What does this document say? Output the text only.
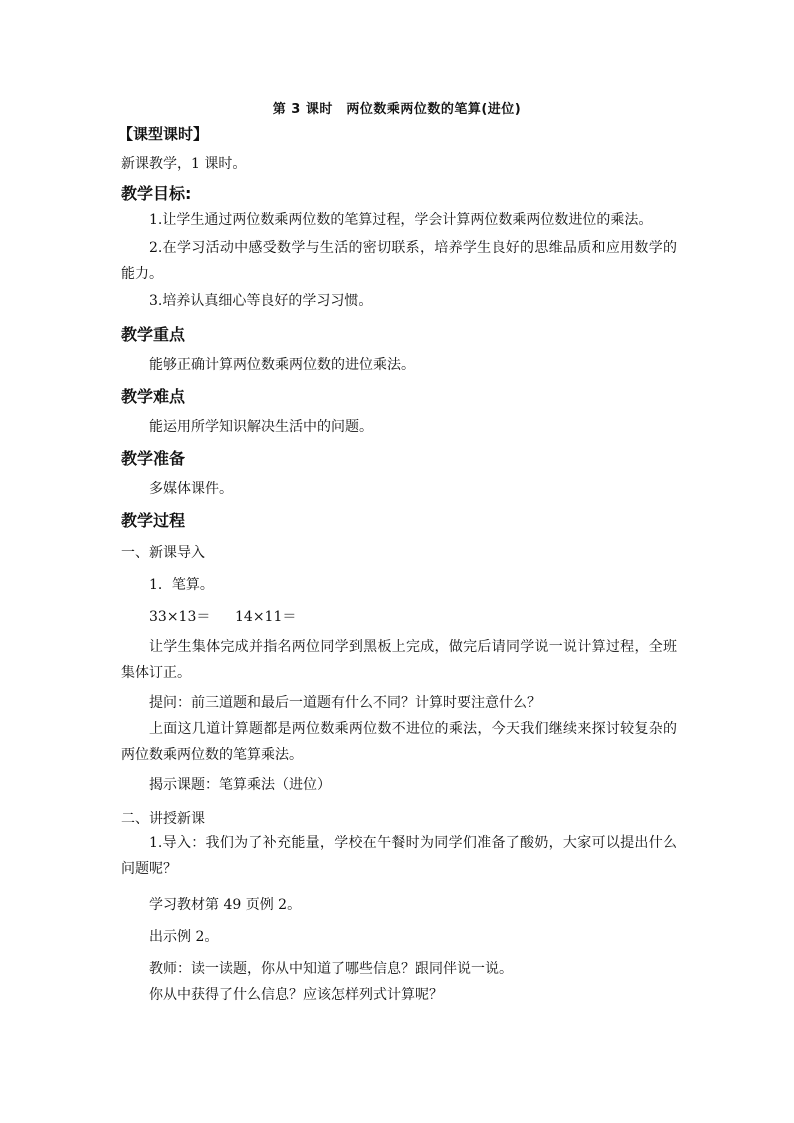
第 3 课时　两位数乘两位数的笔算(进位)
【课型课时】
新课教学，1 课时。
教学目标:
1.让学生通过两位数乘两位数的笔算过程，学会计算两位数乘两位数进位的乘法。
2.在学习活动中感受数学与生活的密切联系，培养学生良好的思维品质和应用数学的能力。
3.培养认真细心等良好的学习习惯。
教学重点
能够正确计算两位数乘两位数的进位乘法。
教学难点
能运用所学知识解决生活中的问题。
教学准备
多媒体课件。
教学过程
一、新课导入
1．笔算。
33×13＝ 14×11＝
让学生集体完成并指名两位同学到黑板上完成，做完后请同学说一说计算过程，全班集体订正。
提问：前三道题和最后一道题有什么不同？计算时要注意什么？
上面这几道计算题都是两位数乘两位数不进位的乘法，今天我们继续来探讨较复杂的两位数乘两位数的笔算乘法。
揭示课题：笔算乘法（进位）
二、讲授新课
1.导入：我们为了补充能量，学校在午餐时为同学们准备了酸奶，大家可以提出什么问题呢？
学习教材第 49 页例 2。
出示例 2。
教师：读一读题，你从中知道了哪些信息？跟同伴说一说。
你从中获得了什么信息？应该怎样列式计算呢？
